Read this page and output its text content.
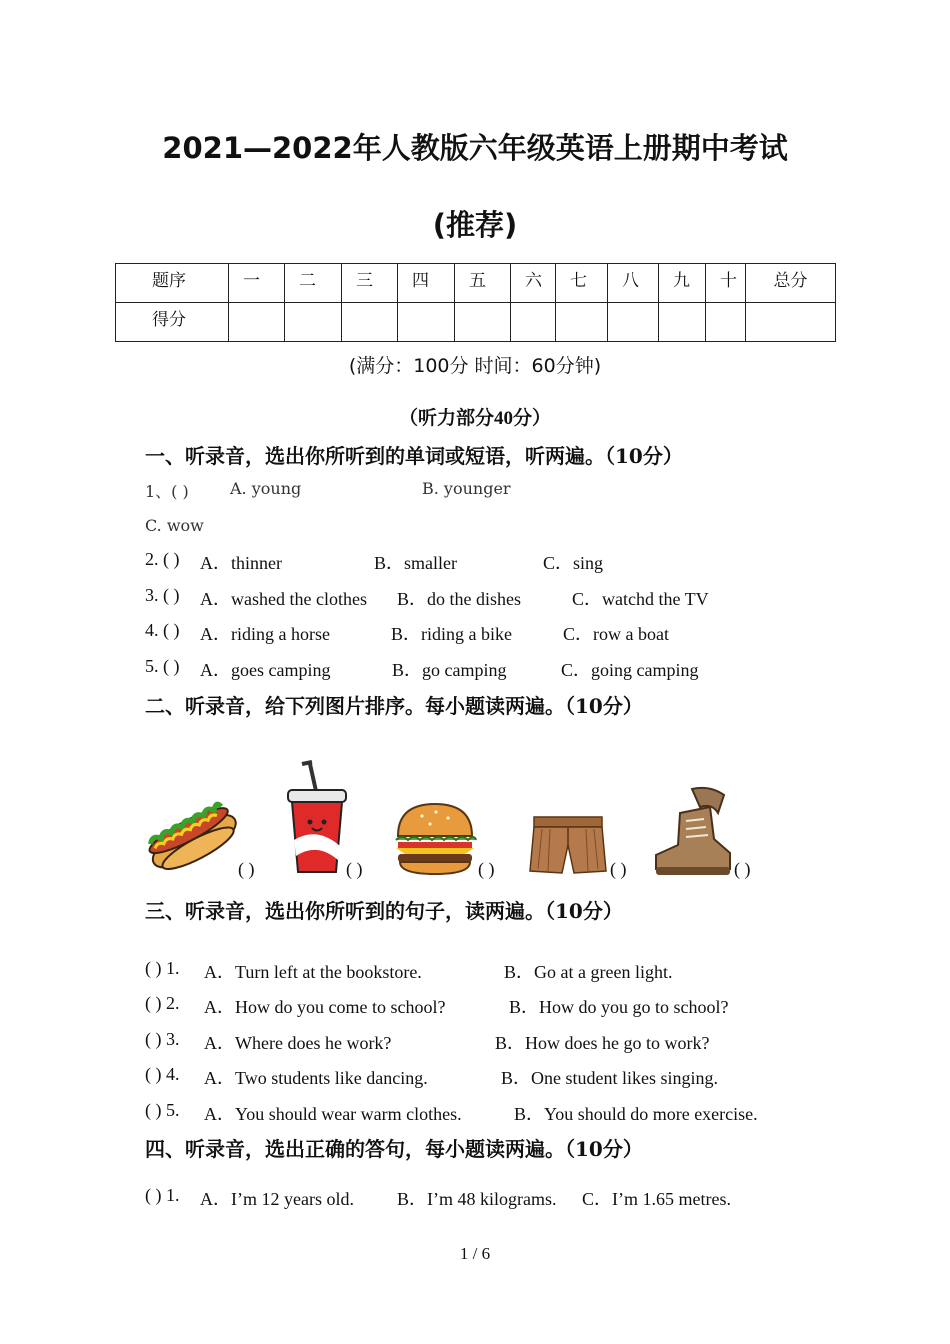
2021—2022年人教版六年级英语上册期中考试
(推荐)
题序	一	二	三	四	五	六	七	八	九	十	总分
得分											
(满分：100分 时间：60分钟)
（听力部分40分）
一、听录音，选出你所听到的单词或短语，听两遍。（10分）
1、( )	A. young	B. younger
C. wow
2. ( ) A．thinner	B．smaller	C．sing
3. ( ) A．washed the clothes B．do the dishes	C．watchd the TV
4. ( ) A．riding a horse	B．riding a bike	C．row a boat
5. ( ) A．goes camping	B．go camping	C．going camping
二、听录音，给下列图片排序。每小题读两遍。（10分）
( )	( )	( )	( )	( )
三、听录音，选出你所听到的句子，读两遍。（10分）
( ) 1. A．Turn left at the bookstore.	B．Go at a green light.
( ) 2. A．How do you come to school?	B．How do you go to school?
( ) 3. A．Where does he work?	B．How does he go to work?
( ) 4. A．Two students like dancing.	B．One student likes singing.
( ) 5. A．You should wear warm clothes.	B．You should do more exercise.
四、听录音，选出正确的答句，每小题读两遍。（10分）
( ) 1. A．I’m 12 years old. B．I’m 48 kilograms. C．I’m 1.65 metres.
1 / 6
